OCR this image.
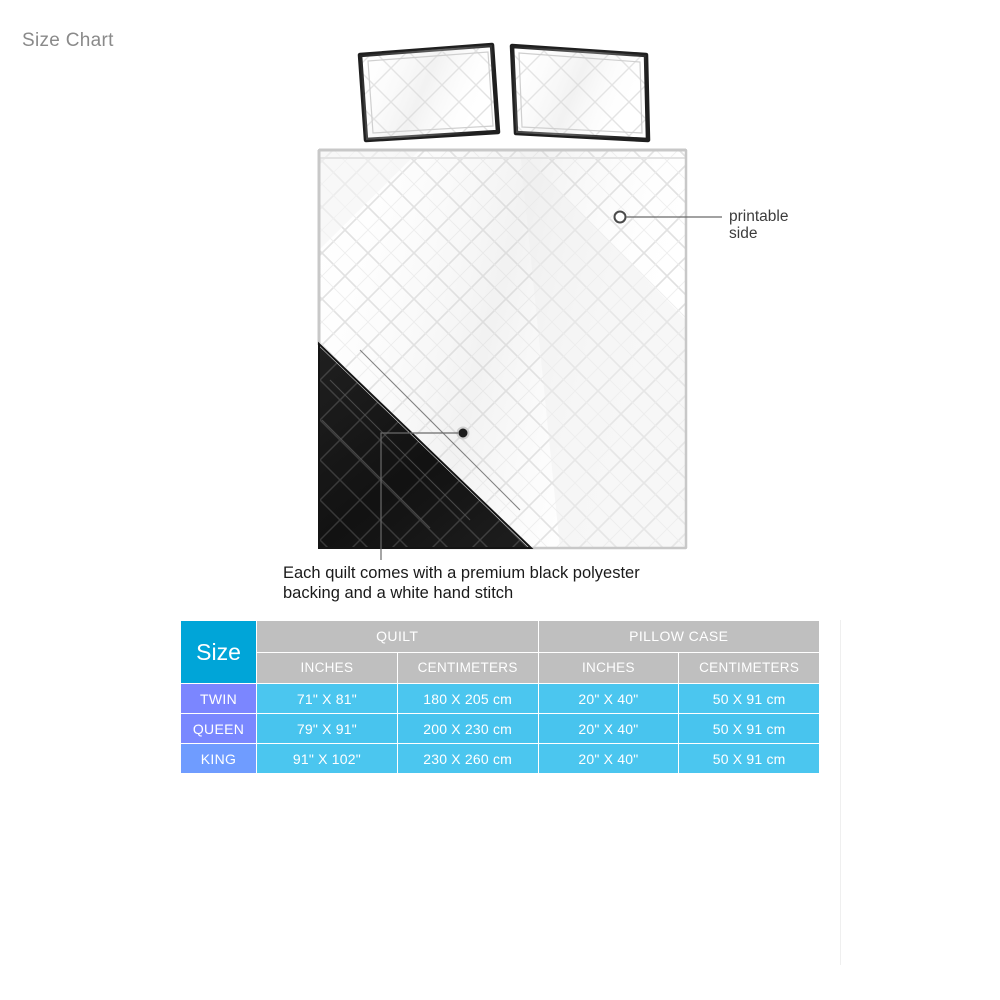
Size Chart
printable
side
Each quilt comes with a premium black polyester
backing and a white hand stitch
Size	QUILT		PILLOW CASE	
	INCHES	CENTIMETERS	INCHES	CENTIMETERS
TWIN	71" X 81"	180 X 205 cm	20" X 40"	50 X 91 cm
QUEEN	79" X 91"	200 X 230 cm	20" X 40"	50 X 91 cm
KING	91" X 102"	230 X 260 cm	20" X 40"	50 X 91 cm
